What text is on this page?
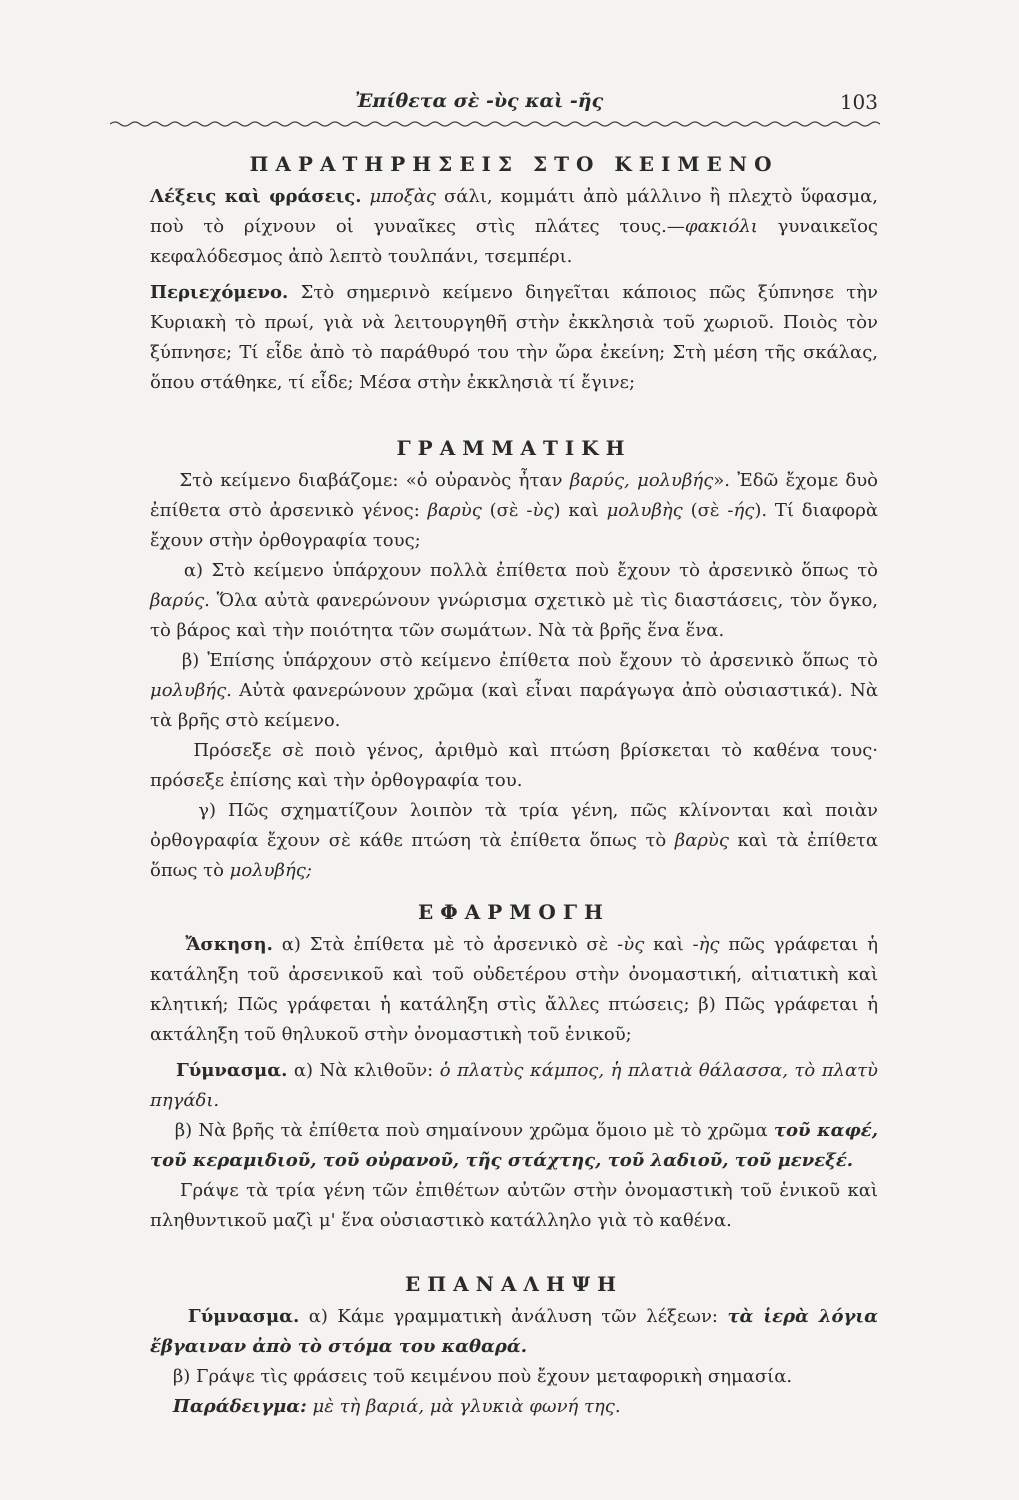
Ἐπίθετα σὲ -ὺς καὶ -ῆς	103
ΠΑΡΑΤΗΡΗΣΕΙΣ ΣΤΟ ΚΕΙΜΕΝΟ

Λέξεις καὶ φράσεις. μποξὰς σάλι, κομμάτι ἀπὸ μάλλινο ἢ πλεχτὸ ὕφασμα, ποὺ τὸ ρίχνουν οἱ γυναῖκες στὶς πλάτες τους.—φακιόλι γυναικεῖος κεφαλόδεσμος ἀπὸ λεπτὸ τουλπάνι, τσεμπέρι.

Περιεχόμενο. Στὸ σημερινὸ κείμενο διηγεῖται κάποιος πῶς ξύπνησε τὴν Κυριακὴ τὸ πρωί, γιὰ νὰ λειτουργηθῆ στὴν ἐκκλησιὰ τοῦ χωριοῦ. Ποιὸς τὸν ξύπνησε; Τί εἶδε ἀπὸ τὸ παράθυρό του τὴν ὥρα ἐκείνη; Στὴ μέση τῆς σκάλας, ὅπου στάθηκε, τί εἶδε; Μέσα στὴν ἐκκλησιὰ τί ἔγινε;

ΓΡΑΜΜΑΤΙΚΗ

Στὸ κείμενο διαβάζομε: «ὁ οὐρανὸς ἦταν βαρύς, μολυβής». Ἐδῶ ἔχομε δυὸ ἐπίθετα στὸ ἀρσενικὸ γένος: βαρὺς (σὲ -ὺς) καὶ μολυβὴς (σὲ -ής). Τί διαφορὰ ἔχουν στὴν ὀρθογραφία τους;

α) Στὸ κείμενο ὑπάρχουν πολλὰ ἐπίθετα ποὺ ἔχουν τὸ ἀρσενικὸ ὅπως τὸ βαρύς. Ὅλα αὐτὰ φανερώνουν γνώρισμα σχετικὸ μὲ τὶς διαστάσεις, τὸν ὄγκο, τὸ βάρος καὶ τὴν ποιότητα τῶν σωμάτων. Νὰ τὰ βρῆς ἕνα ἕνα.

β) Ἐπίσης ὑπάρχουν στὸ κείμενο ἐπίθετα ποὺ ἔχουν τὸ ἀρσενικὸ ὅπως τὸ μολυβής. Αὐτὰ φανερώνουν χρῶμα (καὶ εἶναι παράγωγα ἀπὸ οὐσιαστικά). Νὰ τὰ βρῆς στὸ κείμενο.

Πρόσεξε σὲ ποιὸ γένος, ἀριθμὸ καὶ πτώση βρίσκεται τὸ καθένα τους· πρόσεξε ἐπίσης καὶ τὴν ὀρθογραφία του.

γ) Πῶς σχηματίζουν λοιπὸν τὰ τρία γένη, πῶς κλίνονται καὶ ποιὰν ὀρθογραφία ἔχουν σὲ κάθε πτώση τὰ ἐπίθετα ὅπως τὸ βαρὺς καὶ τὰ ἐπίθετα ὅπως τὸ μολυβής;

ΕΦΑΡΜΟΓΗ

Ἄσκηση. α) Στὰ ἐπίθετα μὲ τὸ ἀρσενικὸ σὲ -ὺς καὶ -ὴς πῶς γράφεται ἡ κατάληξη τοῦ ἀρσενικοῦ καὶ τοῦ οὐδετέρου στὴν ὀνομαστική, αἰτιατικὴ καὶ κλητική; Πῶς γράφεται ἡ κατάληξη στὶς ἄλλες πτώσεις; β) Πῶς γράφεται ἡ ακτάληξη τοῦ θηλυκοῦ στὴν ὀνομαστικὴ τοῦ ἑνικοῦ;

Γύμνασμα. α) Νὰ κλιθοῦν: ὁ πλατὺς κάμπος, ἡ πλατιὰ θάλασσα, τὸ πλατὺ πηγάδι.

β) Νὰ βρῆς τὰ ἐπίθετα ποὺ σημαίνουν χρῶμα ὅμοιο μὲ τὸ χρῶμα τοῦ καφέ, τοῦ κεραμιδιοῦ, τοῦ οὐρανοῦ, τῆς στάχτης, τοῦ λαδιοῦ, τοῦ μενεξέ.

Γράψε τὰ τρία γένη τῶν ἐπιθέτων αὐτῶν στὴν ὀνομαστικὴ τοῦ ἑνικοῦ καὶ πληθυντικοῦ μαζὶ μ' ἕνα οὐσιαστικὸ κατάλληλο γιὰ τὸ καθένα.

ΕΠΑΝΑΛΗΨΗ

Γύμνασμα. α) Κάμε γραμματικὴ ἀνάλυση τῶν λέξεων: τὰ ἱερὰ λόγια ἔβγαιναν ἀπὸ τὸ στόμα του καθαρά.

β) Γράψε τὶς φράσεις τοῦ κειμένου ποὺ ἔχουν μεταφορικὴ σημασία.

Παράδειγμα: μὲ τὴ βαριά, μὰ γλυκιὰ φωνή της.
